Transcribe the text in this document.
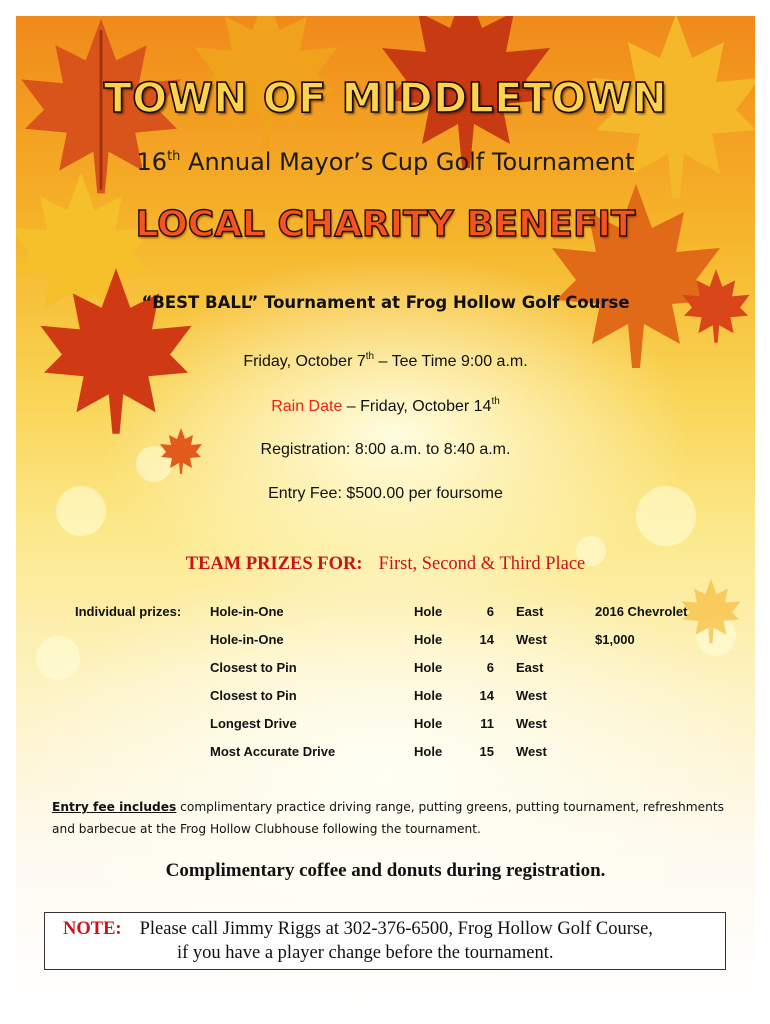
TOWN OF MIDDLETOWN
16th Annual Mayor’s Cup Golf Tournament
LOCAL CHARITY BENEFIT
“BEST BALL” Tournament at Frog Hollow Golf Course
Friday, October 7th – Tee Time 9:00 a.m.
Rain Date – Friday, October 14th
Registration: 8:00 a.m. to 8:40 a.m.
Entry Fee: $500.00 per foursome
TEAM PRIZES FOR: First, Second & Third Place
Individual prizes: Hole-in-One	Hole	6 East	2016 Chevrolet
Hole-in-One	Hole	14 West	$1,000
Closest to Pin	Hole	6 East
Closest to Pin	Hole	14 West
Longest Drive	Hole	11 West
Most Accurate Drive	Hole	15 West
Entry fee includes complimentary practice driving range, putting greens, putting tournament, refreshments and barbecue at the Frog Hollow Clubhouse following the tournament.
Complimentary coffee and donuts during registration.
NOTE: Please call Jimmy Riggs at 302-376-6500, Frog Hollow Golf Course,
if you have a player change before the tournament.
